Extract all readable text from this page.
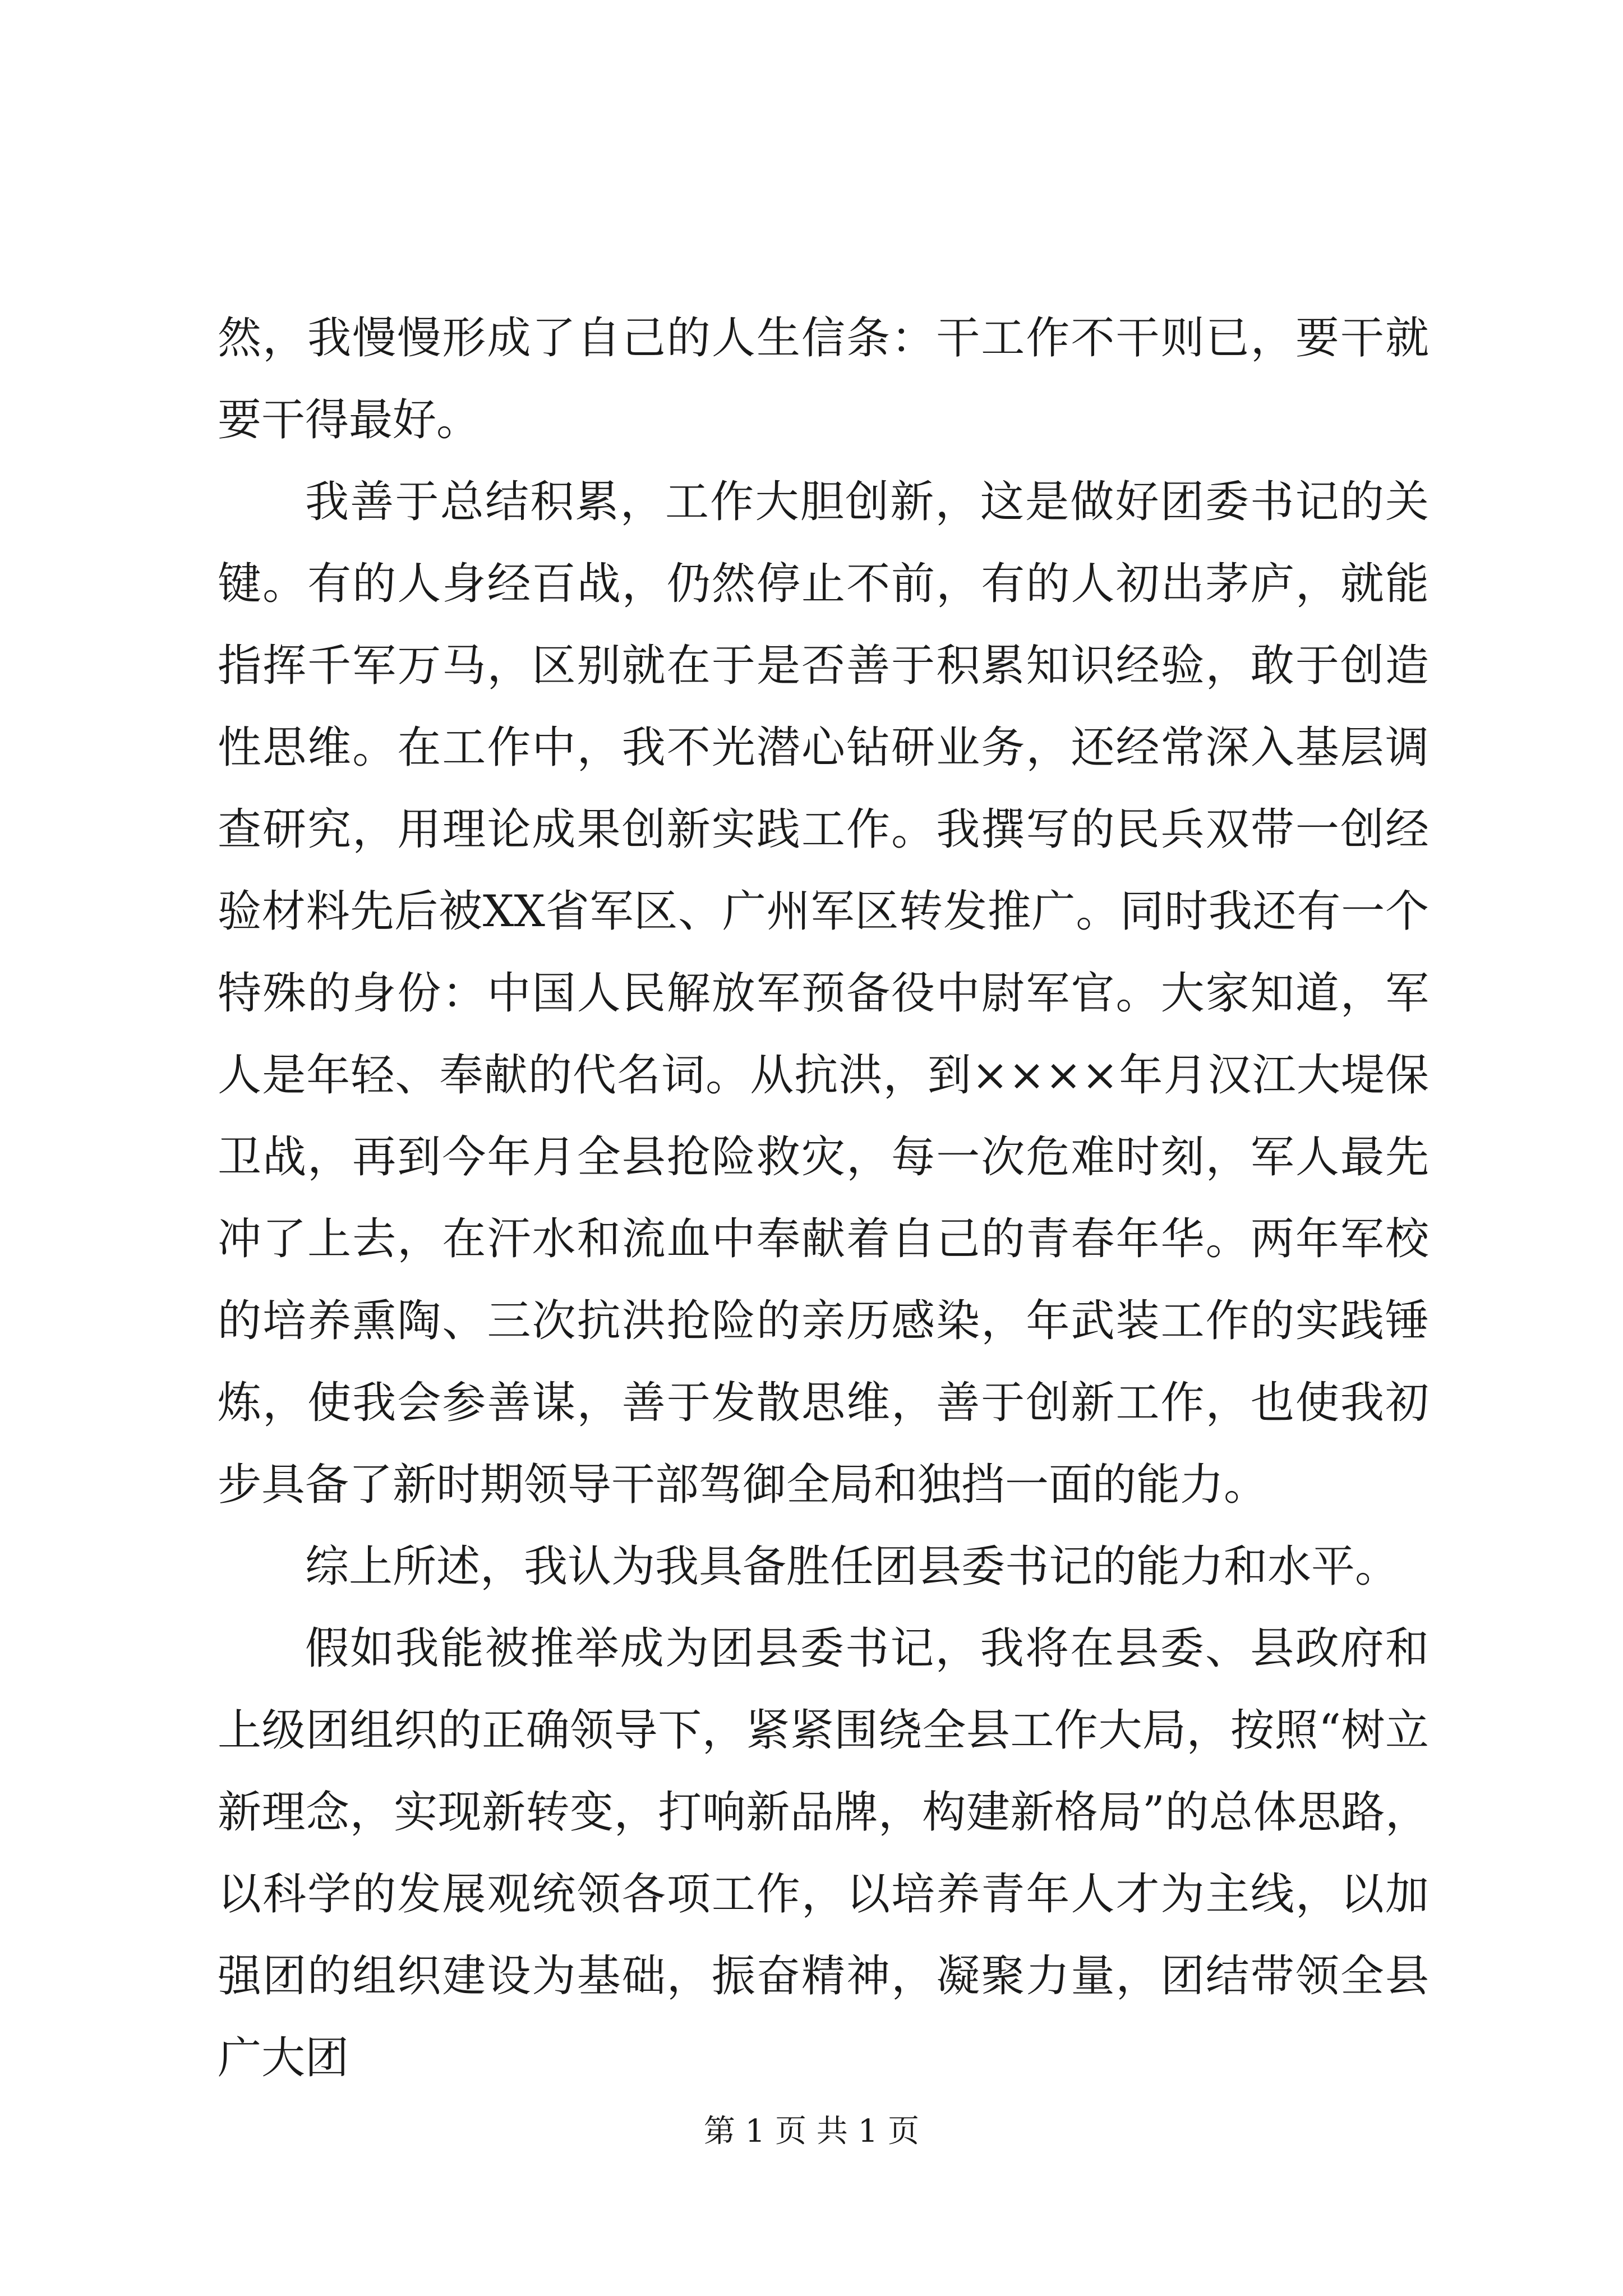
然，我慢慢形成了自己的人生信条：干工作不干则已，要干就要干得最好。

我善于总结积累，工作大胆创新，这是做好团委书记的关键。有的人身经百战，仍然停止不前，有的人初出茅庐，就能指挥千军万马，区别就在于是否善于积累知识经验，敢于创造性思维。在工作中，我不光潜心钻研业务，还经常深入基层调查研究，用理论成果创新实践工作。我撰写的民兵双带一创经验材料先后被XX省军区、广州军区转发推广。同时我还有一个特殊的身份：中国人民解放军预备役中尉军官。大家知道，军人是年轻、奉献的代名词。从抗洪，到××××年月汉江大堤保卫战，再到今年月全县抢险救灾，每一次危难时刻，军人最先冲了上去，在汗水和流血中奉献着自己的青春年华。两年军校的培养熏陶、三次抗洪抢险的亲历感染，年武装工作的实践锤炼，使我会参善谋，善于发散思维，善于创新工作，也使我初步具备了新时期领导干部驾御全局和独挡一面的能力。

综上所述，我认为我具备胜任团县委书记的能力和水平。

假如我能被推举成为团县委书记，我将在县委、县政府和上级团组织的正确领导下，紧紧围绕全县工作大局，按照“树立新理念，实现新转变，打响新品牌，构建新格局”的总体思路，以科学的发展观统领各项工作，以培养青年人才为主线，以加强团的组织建设为基础，振奋精神，凝聚力量，团结带领全县广大团

第 1 页 共 1 页
